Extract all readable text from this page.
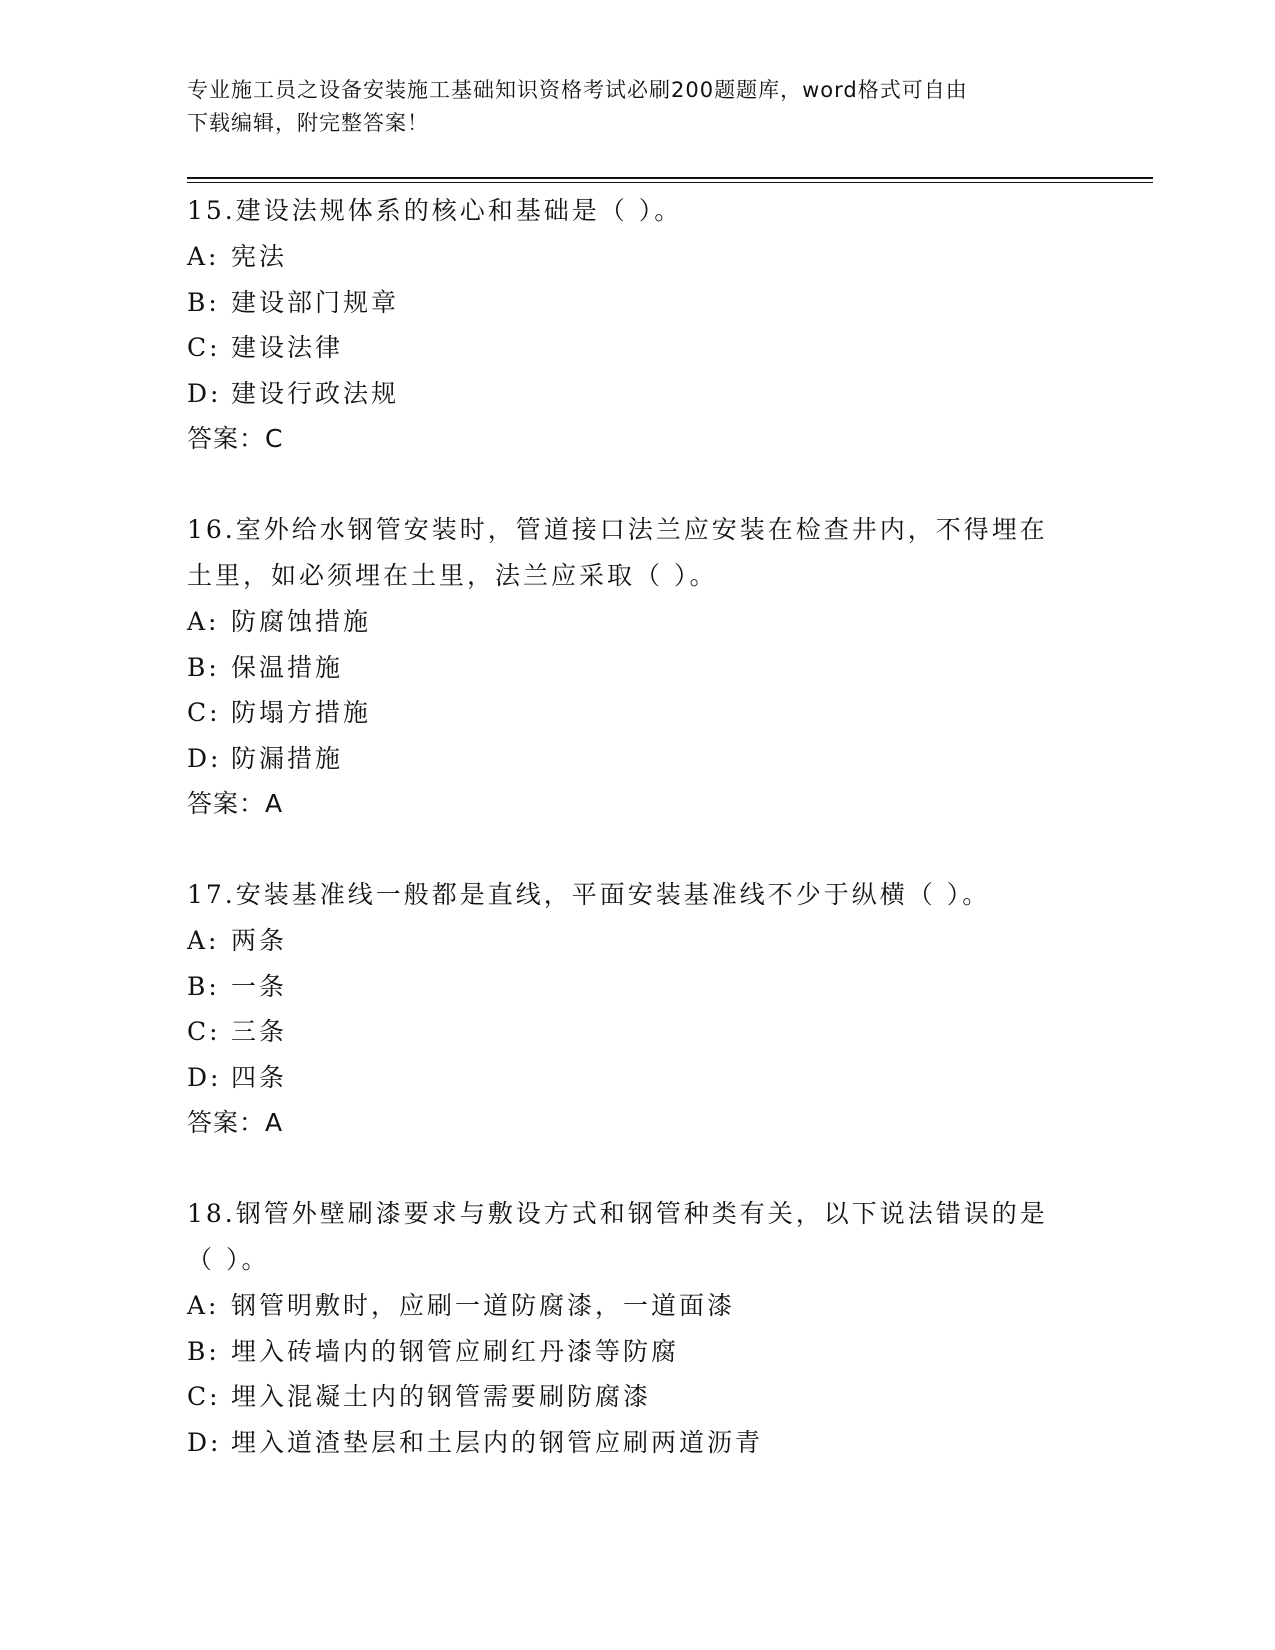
专业施工员之设备安装施工基础知识资格考试必刷200题题库，word格式可自由
下载编辑，附完整答案！

15.建设法规体系的核心和基础是（ ）。

A: 宪法

B: 建设部门规章

C: 建设法律

D: 建设行政法规

答案：C

16.室外给水钢管安装时，管道接口法兰应安装在检查井内，不得埋在
土里，如必须埋在土里，法兰应采取（ ）。

A: 防腐蚀措施

B: 保温措施

C: 防塌方措施

D: 防漏措施

答案：A

17.安装基准线一般都是直线，平面安装基准线不少于纵横（ ）。

A: 两条

B: 一条

C: 三条

D: 四条

答案：A

18.钢管外壁刷漆要求与敷设方式和钢管种类有关，以下说法错误的是
（ ）。

A: 钢管明敷时，应刷一道防腐漆，一道面漆

B: 埋入砖墙内的钢管应刷红丹漆等防腐

C: 埋入混凝土内的钢管需要刷防腐漆

D: 埋入道渣垫层和土层内的钢管应刷两道沥青
